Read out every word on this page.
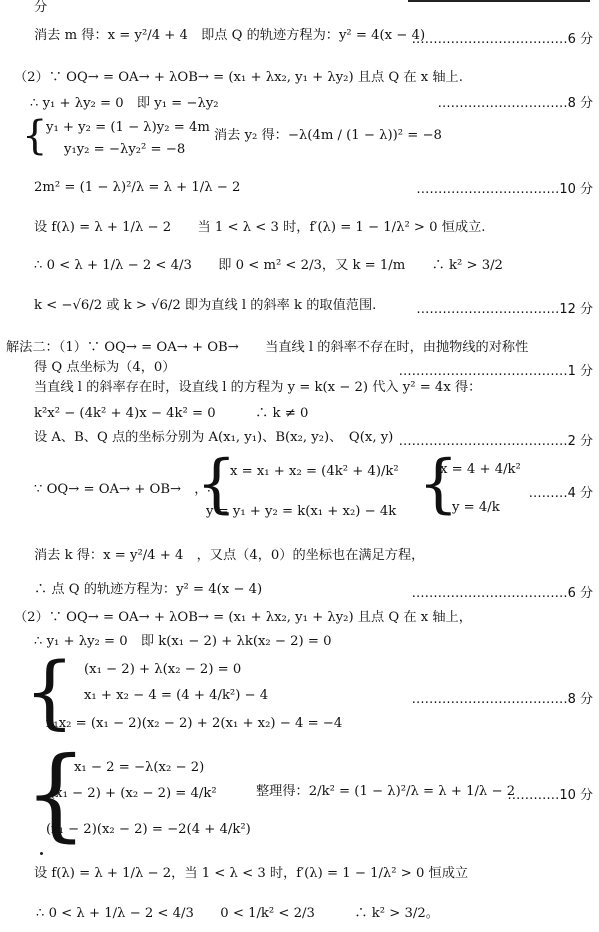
{
{	{
{
{
分
消去 m 得：x = y²/4 + 4　即点 Q 的轨迹方程为：y² = 4(x − 4)
（2）∵ OQ→ = OA→ + λOB→ = (x₁ + λx₂, y₁ + λy₂) 且点 Q 在 x 轴上.
∴ y₁ + λy₂ = 0　即 y₁ = −λy₂
y₁ + y₂ = (1 − λ)y₂ = 4m
消去 y₂ 得：−λ(4m / (1 − λ))² = −8
y₁y₂ = −λy₂² = −8
2m² = (1 − λ)²/λ = λ + 1/λ − 2
设 f(λ) = λ + 1/λ − 2　　当 1 < λ < 3 时，f′(λ) = 1 − 1/λ² > 0 恒成立.
∴ 0 < λ + 1/λ − 2 < 4/3　　即 0 < m² < 2/3，又 k = 1/m　　∴ k² > 3/2
k < −√6/2 或 k > √6/2 即为直线 l 的斜率 k 的取值范围.
解法二：（1）∵ OQ→ = OA→ + OB→　　当直线 l 的斜率不存在时，由抛物线的对称性
得 Q 点坐标为（4，0）
当直线 l 的斜率存在时，设直线 l 的方程为 y = k(x − 2) 代入 y² = 4x 得：
k²x² − (4k² + 4)x − 4k² = 0　　　∴ k ≠ 0
设 A、B、Q 点的坐标分别为 A(x₁, y₁)、B(x₂, y₂)、　Q(x, y)
∵ OQ→ = OA→ + OB→　，∴
x = x₁ + x₂ = (4k² + 4)/k²
y = y₁ + y₂ = k(x₁ + x₂) − 4k
x = 4 + 4/k²
y = 4/k
消去 k 得：x = y²/4 + 4　，又点（4，0）的坐标也在满足方程，
∴ 点 Q 的轨迹方程为：y² = 4(x − 4)
（2）∵ OQ→ = OA→ + λOB→ = (x₁ + λx₂, y₁ + λy₂) 且点 Q 在 x 轴上，
∴ y₁ + λy₂ = 0　即 k(x₁ − 2) + λk(x₂ − 2) = 0
(x₁ − 2) + λ(x₂ − 2) = 0
x₁ + x₂ − 4 = (4 + 4/k²) − 4
x₁x₂ = (x₁ − 2)(x₂ − 2) + 2(x₁ + x₂) − 4 = −4
x₁ − 2 = −λ(x₂ − 2)
(x₁ − 2) + (x₂ − 2) = 4/k²	整理得：2/k² = (1 − λ)²/λ = λ + 1/λ − 2
(x₁ − 2)(x₂ − 2) = −2(4 + 4/k²)
设 f(λ) = λ + 1/λ − 2，当 1 < λ < 3 时，f′(λ) = 1 − 1/λ² > 0 恒成立
∴ 0 < λ + 1/λ − 2 < 4/3　　0 < 1/k² < 2/3　　　∴ k² > 3/2。
………………………………6 分
…………………………8 分
……………………………10 分
……………………………12 分
…………………………………1 分
…………………………………2 分
………4 分
………………………………6 分
………………………………8 分
…………10 分
